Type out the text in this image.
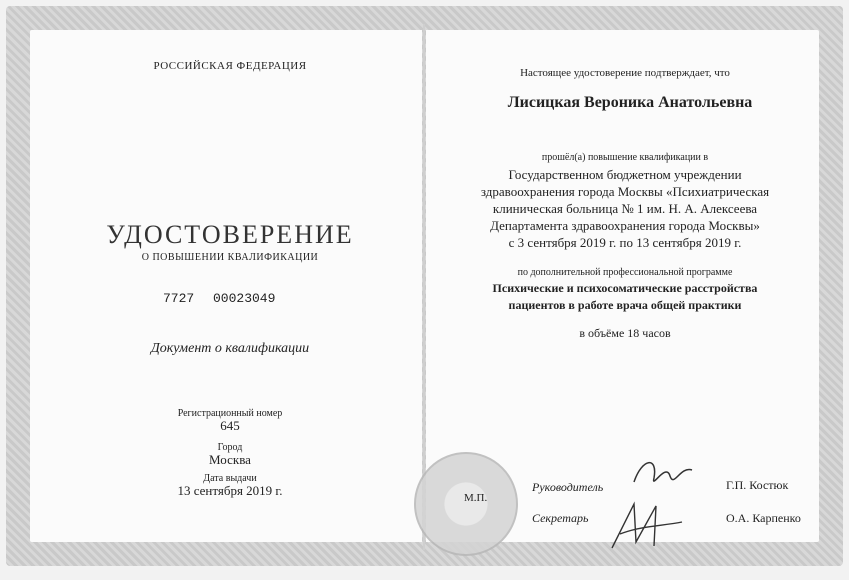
РОССИЙСКАЯ ФЕДЕРАЦИЯ
УДОСТОВЕРЕНИЕ
О ПОВЫШЕНИИ КВАЛИФИКАЦИИ
7727 00023049
Документ о квалификации
Регистрационный номер
645
Город
Москва
Дата выдачи
13 сентября 2019 г.
Настоящее удостоверение подтверждает, что
Лисицкая Вероника Анатольевна
прошёл(а) повышение квалификации в
Государственном бюджетном учреждении
здравоохранения города Москвы «Психиатрическая
клиническая больница № 1 им. Н. А. Алексеева
Департамента здравоохранения города Москвы»
с 3 сентября 2019 г. по 13 сентября 2019 г.
по дополнительной профессиональной программе
Психические и психосоматические расстройства
пациентов в работе врача общей практики
в объёме 18 часов
М.П.
Руководитель	Г.П. Костюк
Секретарь	О.А. Карпенко
